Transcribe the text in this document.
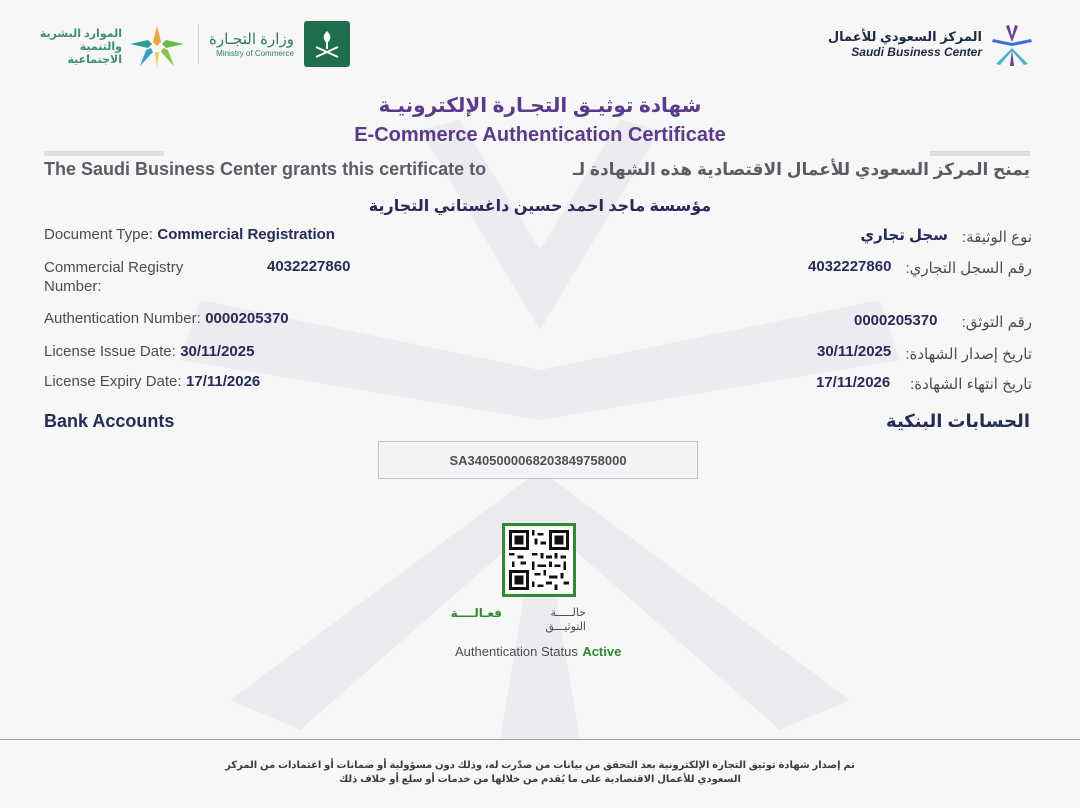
الموارد البشرية والتنمية الاجتماعية
وزارة التجـارة
Ministry of Commerce
المركز السعودي للأعمال
Saudi Business Center
شهادة توثيـق التجـارة الإلكترونيـة
E-Commerce Authentication Certificate
The Saudi Business Center grants this certificate to	يمنح المركز السعودي للأعمال الاقتصادية هذه الشهادة لـ
مؤسسة ماجد احمد حسين داغستاني التجارية
Document Type: Commercial Registration
Commercial Registry Number:
4032227860
Authentication Number: 0000205370
License Issue Date: 30/11/2025
License Expiry Date: 17/11/2026
نوع الوثيقة:
سجل تجاري
رقم السجل التجاري:
4032227860
رقم التوثق:
0000205370
تاريخ إصدار الشهادة:
30/11/2025
تاريخ انتهاء الشهادة:
17/11/2026
Bank Accounts	الحسابات البنكية
SA3405000068203849758000
حالـــــة التوثيـــق
فعـالــــة
Authentication Status Active
تم إصدار شهادة توثيق التجارة الإلكترونية بعد التحقق من بيانات من صدّرت له، وذلك دون مسؤولية أو ضمانات أو اعتمادات من المركز
السعودي للأعمال الاقتصادية على ما يُقدم من خلالها من خدمات أو سلع أو خلاف ذلك
